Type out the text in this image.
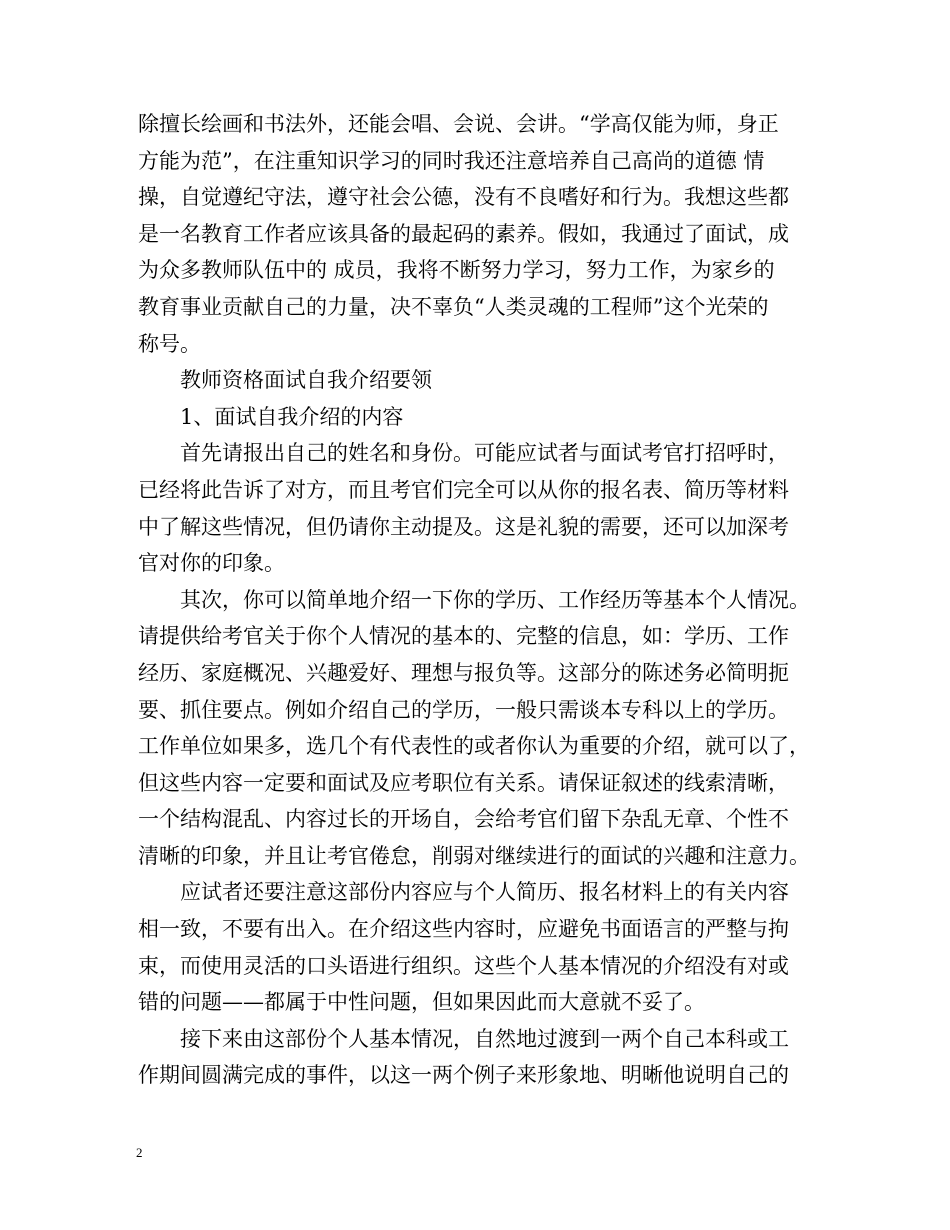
除擅长绘画和书法外，还能会唱、会说、会讲。“学高仅能为师，身正
方能为范”，在注重知识学习的同时我还注意培养自己高尚的道德 情
操，自觉遵纪守法，遵守社会公德，没有不良嗜好和行为。我想这些都
是一名教育工作者应该具备的最起码的素养。假如，我通过了面试，成
为众多教师队伍中的 成员，我将不断努力学习，努力工作，为家乡的
教育事业贡献自己的力量，决不辜负“人类灵魂的工程师”这个光荣的
称号。
教师资格面试自我介绍要领
1、面试自我介绍的内容
首先请报出自己的姓名和身份。可能应试者与面试考官打招呼时，
已经将此告诉了对方，而且考官们完全可以从你的报名表、简历等材料
中了解这些情况，但仍请你主动提及。这是礼貌的需要，还可以加深考
官对你的印象。
其次，你可以简单地介绍一下你的学历、工作经历等基本个人情况。
请提供给考官关于你个人情况的基本的、完整的信息，如：学历、工作
经历、家庭概况、兴趣爱好、理想与报负等。这部分的陈述务必简明扼
要、抓住要点。例如介绍自己的学历，一般只需谈本专科以上的学历。
工作单位如果多，选几个有代表性的或者你认为重要的介绍，就可以了，
但这些内容一定要和面试及应考职位有关系。请保证叙述的线索清晰，
一个结构混乱、内容过长的开场自，会给考官们留下杂乱无章、个性不
清晰的印象，并且让考官倦怠，削弱对继续进行的面试的兴趣和注意力。
应试者还要注意这部份内容应与个人简历、报名材料上的有关内容
相一致，不要有出入。在介绍这些内容时，应避免书面语言的严整与拘
束，而使用灵活的口头语进行组织。这些个人基本情况的介绍没有对或
错的问题——都属于中性问题，但如果因此而大意就不妥了。
接下来由这部份个人基本情况，自然地过渡到一两个自己本科或工
作期间圆满完成的事件，以这一两个例子来形象地、明晰他说明自己的
2
